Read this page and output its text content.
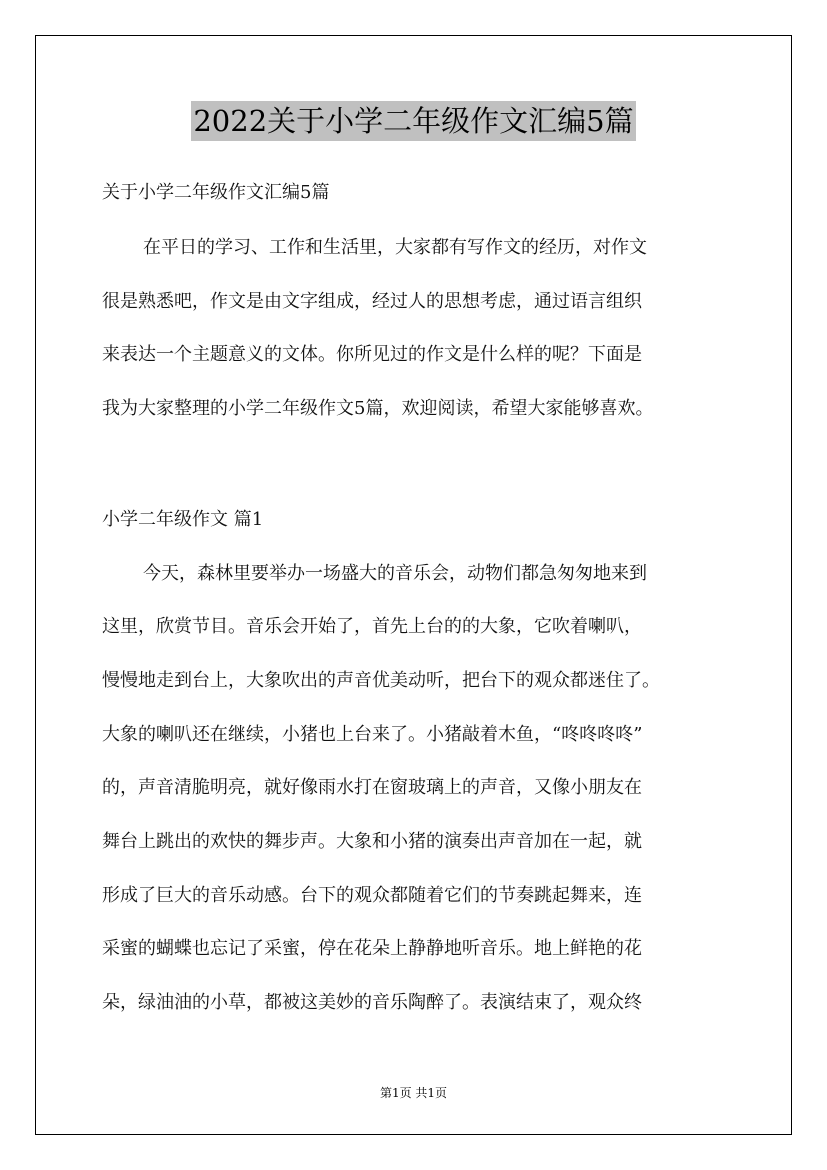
2022关于小学二年级作文汇编5篇
关于小学二年级作文汇编5篇
在平日的学习、工作和生活里，大家都有写作文的经历，对作文
很是熟悉吧，作文是由文字组成，经过人的思想考虑，通过语言组织
来表达一个主题意义的文体。你所见过的作文是什么样的呢？下面是
我为大家整理的小学二年级作文5篇，欢迎阅读，希望大家能够喜欢。
小学二年级作文 篇1
今天，森林里要举办一场盛大的音乐会，动物们都急匆匆地来到
这里，欣赏节目。音乐会开始了，首先上台的的大象，它吹着喇叭，
慢慢地走到台上，大象吹出的声音优美动听，把台下的观众都迷住了。
大象的喇叭还在继续，小猪也上台来了。小猪敲着木鱼，“咚咚咚咚”
的，声音清脆明亮，就好像雨水打在窗玻璃上的声音，又像小朋友在
舞台上跳出的欢快的舞步声。大象和小猪的演奏出声音加在一起，就
形成了巨大的音乐动感。台下的观众都随着它们的节奏跳起舞来，连
采蜜的蝴蝶也忘记了采蜜，停在花朵上静静地听音乐。地上鲜艳的花
朵，绿油油的小草，都被这美妙的音乐陶醉了。表演结束了，观众终
第1页 共1页
